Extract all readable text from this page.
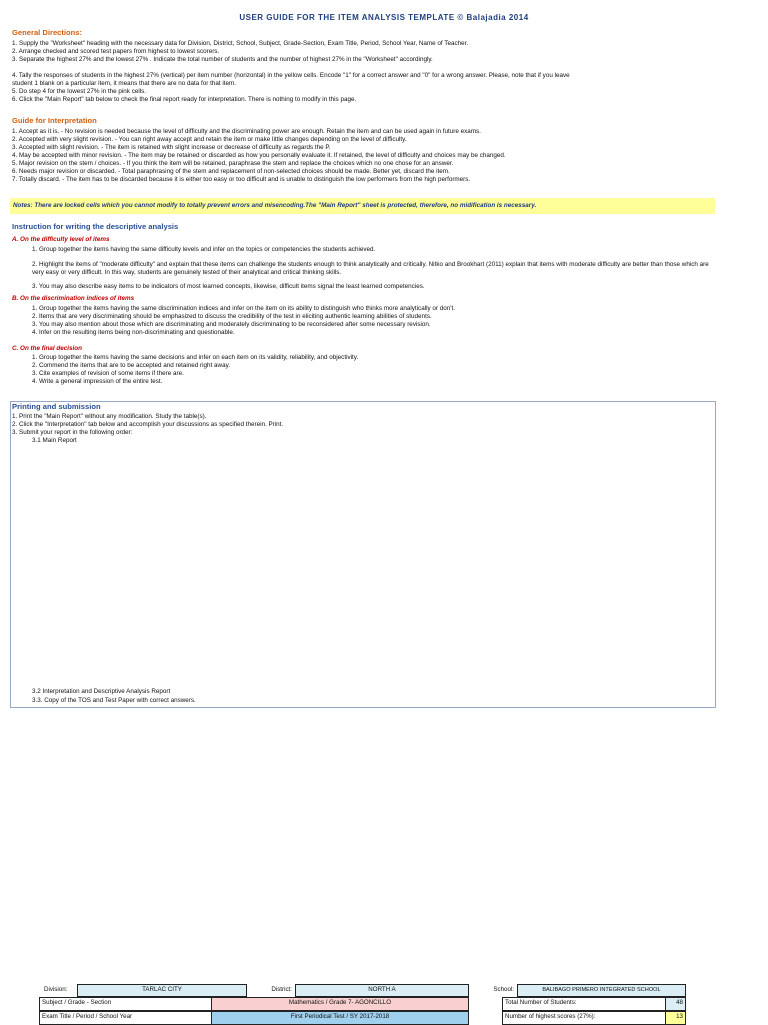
USER GUIDE FOR THE ITEM ANALYSIS TEMPLATE © Balajadia 2014
General Directions:
1. Supply the "Worksheet" heading with the necessary data for Division, District, School, Subject, Grade-Section, Exam Title, Period, School Year, Name of Teacher.
2. Arrange checked and scored test papers from highest to lowest scorers.
3. Separate the highest 27% and the lowest 27% . Indicate the total number of students and the number of highest 27% in the "Worksheet" accordingly.
4. Tally the responses of students in the highest 27% (vertical) per item number (horizontal) in the yellow cells. Encode "1" for a correct answer and "0" for a wrong answer. Please, note that if you leave
student 1 blank on a particular item, it means that there are no data for that item.
5. Do step 4 for the lowest 27% in the pink cells.
6. Click the "Main Report" tab below to check the final report ready for interpretation. There is nothing to modify in this page.
Guide for Interpretation
1. Accept as it is. - No revision is needed because the level of difficulty and the discriminating power are enough. Retain the item and can be used again in future exams.
2. Accepted with very slight revision. - You can right away accept and retain the item or make little changes depending on the level of difficulty.
3. Accepted with slight revision. - The item is retained with slight increase or decrease of difficulty as regards the P.
4. May be accepted with minor revision. - The item may be retained or discarded as how you personally evaluate it. If retained, the level of difficulty and choices may be changed.
5. Major revision on the stem / choices. - If you think the item will be retained, paraphrase the stem and replace the choices which no one chose for an answer.
6. Needs major revision or discarded. - Total paraphrasing of the stem and replacement of non-selected choices should be made. Better yet, discard the item.
7. Totally discard. - The item has to be discarded because it is either too easy or too difficult and is unable to distinguish the low performers from the high performers.
Notes: There are locked cells which you cannot modify to totally prevent errors and misencoding.The "Main Report" sheet is protected, therefore, no midification is necessary.
Instruction for writing the descriptive analysis
A. On the difficulty level of items
1. Group together the items having the same difficulty levels and infer on the topics or competencies the students achieved.
2. Highlight the items of "moderate difficulty" and explain that these items can challenge the students enough to think analytically and critically. Nitko and Brookhart (2011) explain that items with moderate difficulty are better than those which are very easy or very difficult. In this way, students are genuinely tested of their analytical and critical thinking skills.
3. You may also describe easy items to be indicators of most learned concepts, likewise, difficult items signal the least learned competencies.
B. On the discrimination indices of items
1. Group together the items having the same discrimination indices and infer on the item on its ability to distinguish who thinks more analytically or don't.
2. Items that are very discriminating should be emphasized to discuss the credibility of the test in eliciting authentic learning abilities of students.
3. You may also mention about those which are discriminating and moderately discriminating to be reconsidered after some necessary revision.
4. Infer on the resulting items being non-discriminating and questionable.
C. On the final decision
1. Group together the items having the same decisions and infer on each item on its validity, reliability, and objectivity.
2. Commend the items that are to be accepted and retained right away.
3. Cite examples of revision of some items if there are.
4. Write a general impression of the entire test.
Printing and submission
1. Print the "Main Report" without any modification. Study the table(s).
2. Click the "Interpretation" tab below and accomplish your discussions as specified therein. Print.
3. Submit your report in the following order:
3.1 Main Report
3.2 Interpretation and Descriptive Analysis Report
3.3. Copy of the TOS and Test Paper with correct answers.
Division:	TARLAC CITY	District:	NORTH A	School:	BALIBAGO PRIMERO INTEGRATED SCHOOL
Subject / Grade - Section	Mathematics / Grade 7- AGONCILLO	Total Number of Students:	48
Exam Title / Period / School Year	First Periodical Test / SY 2017-2018	Number of highest scores (27%):	13
